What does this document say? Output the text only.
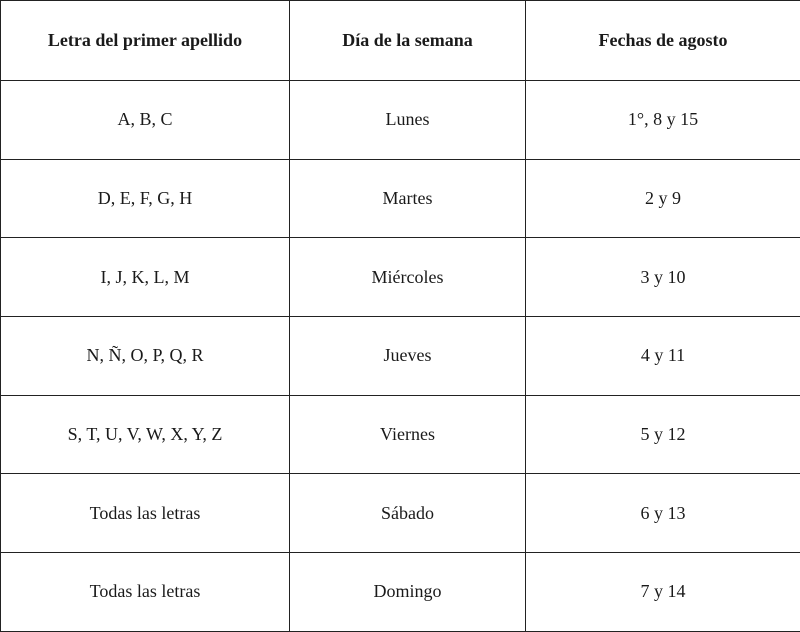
Letra del primer apellido	Día de la semana	Fechas de agosto
A, B, C	Lunes	1°, 8 y 15
D, E, F, G, H	Martes	2 y 9
I, J, K, L, M	Miércoles	3 y 10
N, Ñ, O, P, Q, R	Jueves	4 y 11
S, T, U, V, W, X, Y, Z	Viernes	5 y 12
Todas las letras	Sábado	6 y 13
Todas las letras	Domingo	7 y 14
